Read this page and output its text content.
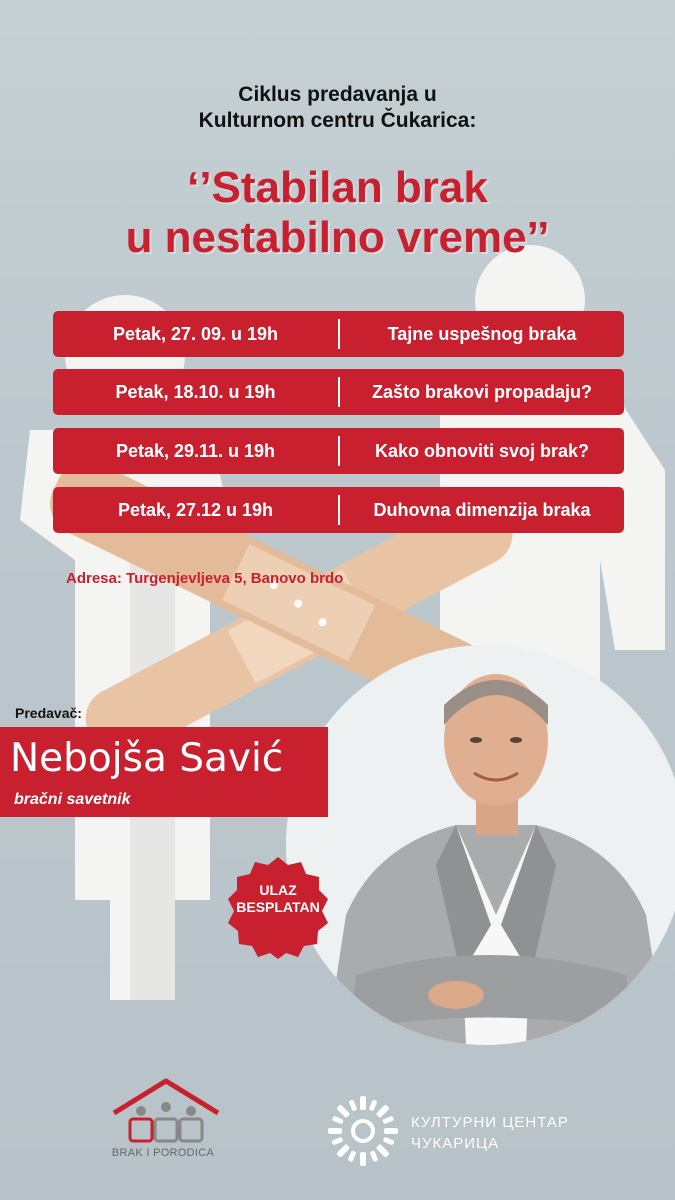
Ciklus predavanja u
Kulturnom centru Čukarica:
‘’Stabilan brak
u nestabilno vreme’’
Petak, 27. 09. u 19h	Tajne uspešnog braka
Petak, 18.10. u 19h	Zašto brakovi propadaju?
Petak, 29.11. u 19h	Kako obnoviti svoj brak?
Petak, 27.12 u 19h	Duhovna dimenzija braka
Adresa: Turgenjevljeva 5, Banovo brdo
Predavač:
Nebojša Savić
bračni savetnik
ULAZ
BESPLATAN
BRAK I PORODICA
КУЛТУРНИ ЦЕНТАР
ЧУКАРИЦА
